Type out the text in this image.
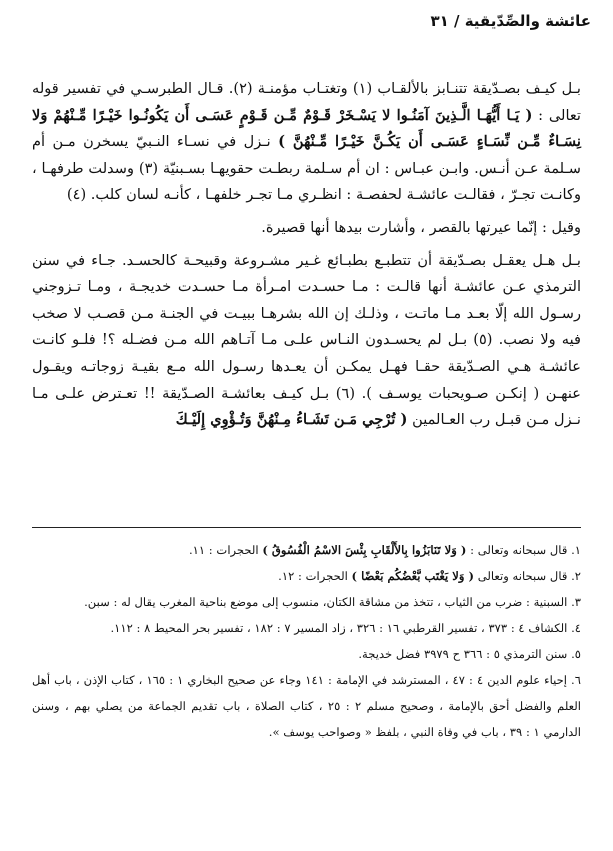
عائشة والصِّدّيقية / ٣١

بـل كيـف بصـدّيقة تتنـابز بالألقـاب (١) وتغتـاب مؤمنـة (٢). قـال الطبرسـي في تفسير قوله تعالى : ( يَـا أَيُّهَـا الَّـذِينَ آمَنُـوا لا يَسْـخَرْ قَـوْمٌ مِّـن قَـوْمٍ عَسَـى أَن يَكُونُـوا خَيْـرًا مِّـنْهُمْ وَلا نِسَـاءٌ مِّـن نِّسَـاءٍ عَسَـى أَن يَكُـنَّ خَيْـرًا مِّـنْهُنَّ ) نـزل في نسـاء النـبيّ يسخرن مـن أم سـلمة عـن أنـس. وابـن عبـاس : ان أم سـلمة ربطـت حقويهـا بسـبنيّة (٣) وسدلت طرفهـا ، وكانـت تجـرّ ، فقالـت عائشـة لحفصـة : انظـري مـا تجـر خلفهـا ، كأنـه لسان كلب. (٤)

وقيل : إنّما عيرتها بالقصر ، وأشارت بيدها أنها قصيرة.

بـل هـل يعقـل بصـدّيقة أن تتطبـع بطبـائع غـير مشـروعة وقبيحـة كالحسـد. جـاء في سنن الترمذي عـن عائشـة أنها قالـت : مـا حسـدت امـرأة مـا حسـدت خديجـة ، ومـا تـزوجني رسـول الله إلّا بعـد مـا ماتـت ، وذلـك إن الله بشرهـا ببيـت في الجنـة مـن قصـب لا صخب فيه ولا نصب. (٥) بـل لم يحسـدون النـاس علـى مـا آتـاهم الله مـن فضـله ؟! فلـو كانـت عائشـة هـي الصـدّيقة حقـا فهـل يمكـن أن يعـدها رسـول الله مـع بقيـة زوجاتـه ويقـول عنهـن ( إنكـن صـويحبات يوسـف ). (٦) بـل كيـف بعائشـة الصـدّيقة !! تعـترض علـى مـا نـزل مـن قبـل رب العـالمين ( تُرْجِي مَـن تَشَـاءُ مِـنْهُنَّ وَتُـؤْوِي إِلَيْـكَ

١. قال سبحانه وتعالى : ( وَلا تَنَابَزُوا بِالأَلْقَابِ بِئْسَ الاسْمُ الْفُسُوقُ ) الحجرات : ١١.

٢. قال سبحانه وتعالى ( وَلا يَغْتَب بَّعْضُكُم بَعْضًا ) الحجرات : ١٢.

٣. السبنية : ضرب من الثياب ، تتخذ من مشاقة الكتان، منسوب إلى موضع بناحية المغرب يقال له : سبن.

٤. الكشاف ٤ : ٣٧٣ ، تفسير القرطبي ١٦ : ٣٢٦ ، زاد المسير ٧ : ١٨٢ ، تفسير بحر المحيط ٨ : ١١٢.

٥. سنن الترمذي ٥ : ٣٦٦ ح ٣٩٧٩ فضل خديجة.

٦. إحياء علوم الدين ٤ : ٤٧ ، المسترشد في الإمامة : ١٤١ وجاء عن صحيح البخاري ١ : ١٦٥ ، كتاب الإذن ، باب أهل العلم والفضل أحق بالإمامة ، وصحيح مسلم ٢ : ٢٥ ، كتاب الصلاة ، باب تقديم الجماعة من يصلي بهم ، وسنن الدارمي ١ : ٣٩ ، باب في وفاة النبي ، بلفظ « وصواحب يوسف ».
